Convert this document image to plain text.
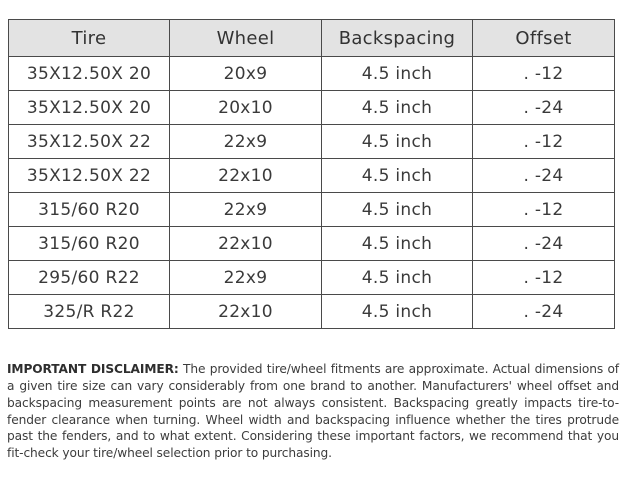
Tire	Wheel	Backspacing	Offset
35X12.50X 20	20x9	4.5 inch	. -12
35X12.50X 20	20x10	4.5 inch	. -24
35X12.50X 22	22x9	4.5 inch	. -12
35X12.50X 22	22x10	4.5 inch	. -24
315/60 R20	22x9	4.5 inch	. -12
315/60 R20	22x10	4.5 inch	. -24
295/60 R22	22x9	4.5 inch	. -12
325/R R22	22x10	4.5 inch	. -24

IMPORTANT DISCLAIMER: The provided tire/wheel fitments are approximate. Actual dimensions of a given tire size can vary considerably from one brand to another. Manufacturers' wheel offset and backspacing measurement points are not always consistent. Backspacing greatly impacts tire-to-fender clearance when turning. Wheel width and backspacing influence whether the tires protrude past the fenders, and to what extent. Considering these important factors, we recommend that you fit-check your tire/wheel selection prior to purchasing.
